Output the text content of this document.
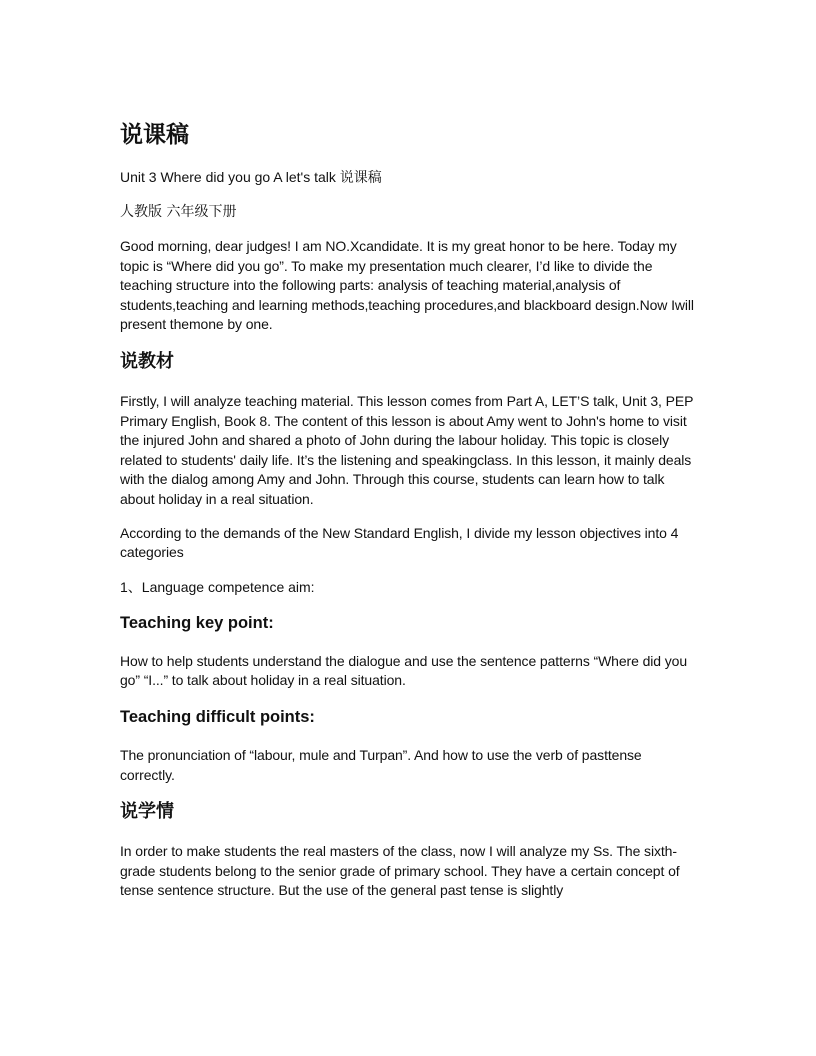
说课稿

Unit 3 Where did you go A let's talk 说课稿

人教版 六年级下册

Good morning, dear judges! I am NO.Xcandidate. It is my great honor to be here. Today my topic is “Where did you go”. To make my presentation much clearer, I’d like to divide the teaching structure into the following parts: analysis of teaching material,analysis of students,teaching and learning methods,teaching procedures,and blackboard design.Now Iwill present themone by one.

说教材

Firstly, I will analyze teaching material. This lesson comes from Part A, LET’S talk, Unit 3, PEP Primary English, Book 8. The content of this lesson is about Amy went to John's home to visit the injured John and shared a photo of John during the labour holiday. This topic is closely related to students' daily life. It’s the listening and speakingclass. In this lesson, it mainly deals with the dialog among Amy and John. Through this course, students can learn how to talk about holiday in a real situation.

According to the demands of the New Standard English, I divide my lesson objectives into 4 categories

1、Language competence aim:

Teaching key point:

How to help students understand the dialogue and use the sentence patterns “Where did you go” “I...” to talk about holiday in a real situation.

Teaching difficult points:

The pronunciation of “labour, mule and Turpan”. And how to use the verb of pasttense correctly.

说学情

In order to make students the real masters of the class, now I will analyze my Ss. The sixth-grade students belong to the senior grade of primary school. They have a certain concept of tense sentence structure. But the use of the general past tense is slightly
